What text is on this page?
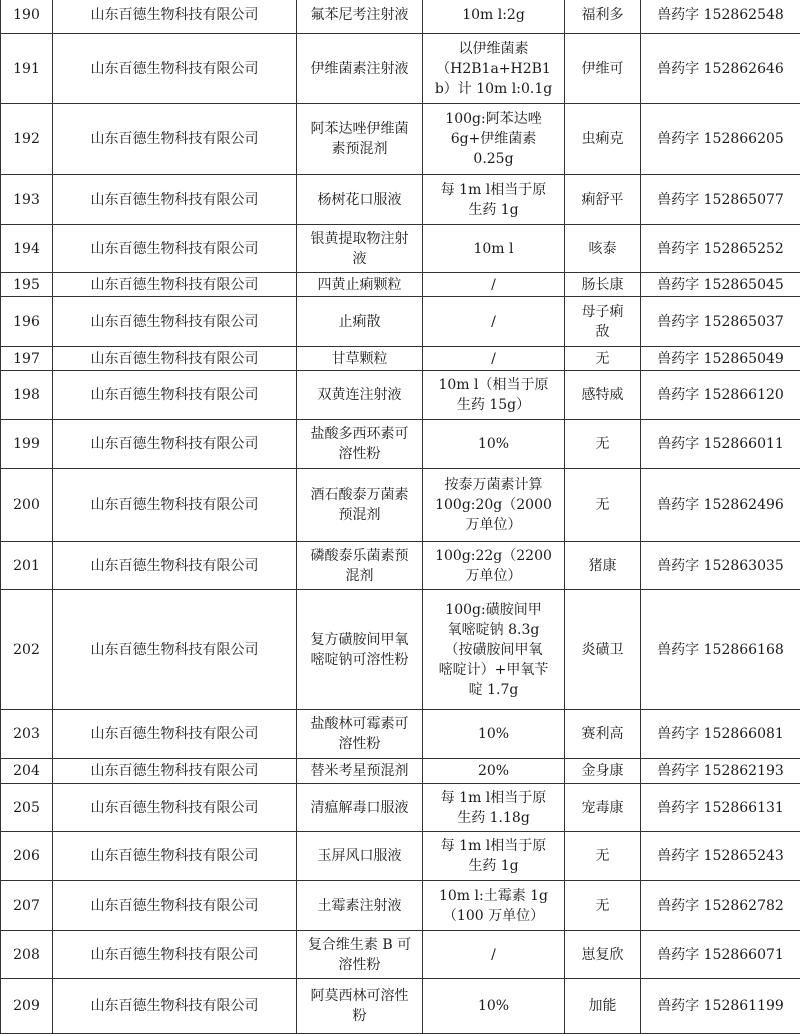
190	山东百德生物科技有限公司	氟苯尼考注射液	10m l:2g	福利多	兽药字 152862548
191	山东百德生物科技有限公司	伊维菌素注射液	以伊维菌素
（H2B1a+H2B1
b）计 10m l:0.1g	伊维可	兽药字 152862646
192	山东百德生物科技有限公司	阿苯达唑伊维菌
素预混剂	100g:阿苯达唑
6g+伊维菌素
0.25g	虫痢克	兽药字 152866205
193	山东百德生物科技有限公司	杨树花口服液	每 1m l相当于原
生药 1g	痢舒平	兽药字 152865077
194	山东百德生物科技有限公司	银黄提取物注射
液	10m l	咳泰	兽药字 152865252
195	山东百德生物科技有限公司	四黄止痢颗粒	/	肠长康	兽药字 152865045
196	山东百德生物科技有限公司	止痢散	/	母子痢
敌	兽药字 152865037
197	山东百德生物科技有限公司	甘草颗粒	/	无	兽药字 152865049
198	山东百德生物科技有限公司	双黄连注射液	10m l（相当于原
生药 15g）	感特威	兽药字 152866120
199	山东百德生物科技有限公司	盐酸多西环素可
溶性粉	10%	无	兽药字 152866011
200	山东百德生物科技有限公司	酒石酸泰万菌素
预混剂	按泰万菌素计算
100g:20g（2000
万单位）	无	兽药字 152862496
201	山东百德生物科技有限公司	磷酸泰乐菌素预
混剂	100g:22g（2200
万单位）	猪康	兽药字 152863035
202	山东百德生物科技有限公司	复方磺胺间甲氧
嘧啶钠可溶性粉	100g:磺胺间甲
氧嘧啶钠 8.3g
（按磺胺间甲氧
嘧啶计）+甲氧苄
啶 1.7g	炎磺卫	兽药字 152866168
203	山东百德生物科技有限公司	盐酸林可霉素可
溶性粉	10%	赛利高	兽药字 152866081
204	山东百德生物科技有限公司	替米考星预混剂	20%	金身康	兽药字 152862193
205	山东百德生物科技有限公司	清瘟解毒口服液	每 1m l相当于原
生药 1.18g	宠毒康	兽药字 152866131
206	山东百德生物科技有限公司	玉屏风口服液	每 1m l相当于原
生药 1g	无	兽药字 152865243
207	山东百德生物科技有限公司	土霉素注射液	10m l:土霉素 1g
（100 万单位）	无	兽药字 152862782
208	山东百德生物科技有限公司	复合维生素 B 可
溶性粉	/	崽复欣	兽药字 152866071
209	山东百德生物科技有限公司	阿莫西林可溶性
粉	10%	加能	兽药字 152861199
